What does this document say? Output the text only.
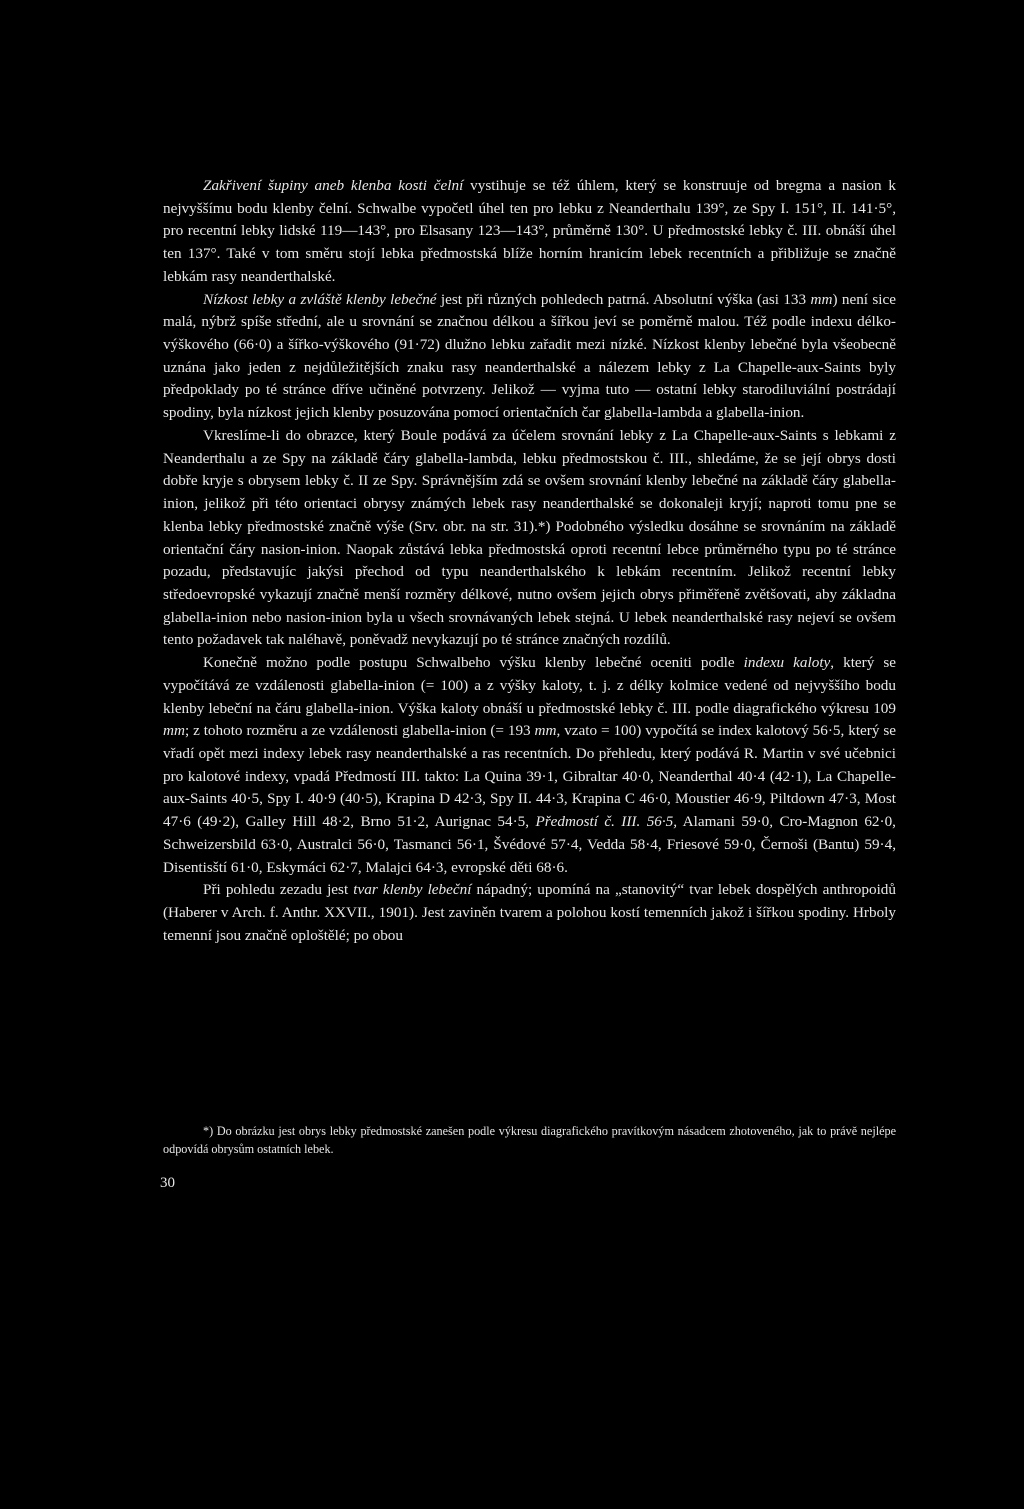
Zakřivení šupiny aneb klenba kosti čelní vystihuje se též úhlem, který se konstruuje od bregma a nasion k nejvyššímu bodu klenby čelní. Schwalbe vypočetl úhel ten pro lebku z Neanderthalu 139°, ze Spy I. 151°, II. 141·5°, pro recentní lebky lidské 119—143°, pro Elsasany 123—143°, průměrně 130°. U předmostské lebky č. III. obnáší úhel ten 137°. Také v tom směru stojí lebka předmostská blíže horním hranicím lebek recentních a přibližuje se značně lebkám rasy neanderthalské.

Nízkost lebky a zvláště klenby lebečné jest při různých pohledech patrná. Absolutní výška (asi 133 mm) není sice malá, nýbrž spíše střední, ale u srovnání se značnou délkou a šířkou jeví se poměrně malou. Též podle indexu délko-výškového (66·0) a šířko-výškového (91·72) dlužno lebku zařadit mezi nízké. Nízkost klenby lebečné byla všeobecně uznána jako jeden z nejdůležitějších znaku rasy neanderthalské a nálezem lebky z La Chapelle-aux-Saints byly předpoklady po té stránce dříve učiněné potvrzeny. Jelikož — vyjma tuto — ostatní lebky starodiluviální postrádají spodiny, byla nízkost jejich klenby posuzována pomocí orientačních čar glabella-lambda a glabella-inion.

Vkreslíme-li do obrazce, který Boule podává za účelem srovnání lebky z La Chapelle-aux-Saints s lebkami z Neanderthalu a ze Spy na základě čáry glabella-lambda, lebku předmostskou č. III., shledáme, že se její obrys dosti dobře kryje s obrysem lebky č. II ze Spy. Správnějším zdá se ovšem srovnání klenby lebečné na základě čáry glabella-inion, jelikož při této orientaci obrysy známých lebek rasy neanderthalské se dokonaleji kryjí; naproti tomu pne se klenba lebky předmostské značně výše (Srv. obr. na str. 31).*) Podobného výsledku dosáhne se srovnáním na základě orientační čáry nasion-inion. Naopak zůstává lebka předmostská oproti recentní lebce průměrného typu po té stránce pozadu, představujíc jakýsi přechod od typu neanderthalského k lebkám recentním. Jelikož recentní lebky středoevropské vykazují značně menší rozměry délkové, nutno ovšem jejich obrys přiměřeně zvětšovati, aby základna glabella-inion nebo nasion-inion byla u všech srovnávaných lebek stejná. U lebek neanderthalské rasy nejeví se ovšem tento požadavek tak naléhavě, poněvadž nevykazují po té stránce značných rozdílů.

Konečně možno podle postupu Schwalbeho výšku klenby lebečné oceniti podle indexu kaloty, který se vypočítává ze vzdálenosti glabella-inion (= 100) a z výšky kaloty, t. j. z délky kolmice vedené od nejvyššího bodu klenby lebeční na čáru glabella-inion. Výška kaloty obnáší u předmostské lebky č. III. podle diagrafického výkresu 109 mm; z tohoto rozměru a ze vzdálenosti glabella-inion (= 193 mm, vzato = 100) vypočítá se index kalotový 56·5, který se vřadí opět mezi indexy lebek rasy neanderthalské a ras recentních. Do přehledu, který podává R. Martin v své učebnici pro kalotové indexy, vpadá Předmostí III. takto: La Quina 39·1, Gibraltar 40·0, Neanderthal 40·4 (42·1), La Chapelle-aux-Saints 40·5, Spy I. 40·9 (40·5), Krapina D 42·3, Spy II. 44·3, Krapina C 46·0, Moustier 46·9, Piltdown 47·3, Most 47·6 (49·2), Galley Hill 48·2, Brno 51·2, Aurignac 54·5, Předmostí č. III. 56·5, Alamani 59·0, Cro-Magnon 62·0, Schweizersbild 63·0, Australci 56·0, Tasmanci 56·1, Švédové 57·4, Vedda 58·4, Friesové 59·0, Černoši (Bantu) 59·4, Disentisští 61·0, Eskymáci 62·7, Malajci 64·3, evropské děti 68·6.

Při pohledu zezadu jest tvar klenby lebeční nápadný; upomíná na „stanovitý“ tvar lebek dospělých anthropoidů (Haberer v Arch. f. Anthr. XXVII., 1901). Jest zaviněn tvarem a polohou kostí temenních jakož i šířkou spodiny. Hrboly temenní jsou značně oploštělé; po obou

*) Do obrázku jest obrys lebky předmostské zanešen podle výkresu diagrafického pravítkovým násadcem zhotoveného, jak to právě nejlépe odpovídá obrysům ostatních lebek.

30
